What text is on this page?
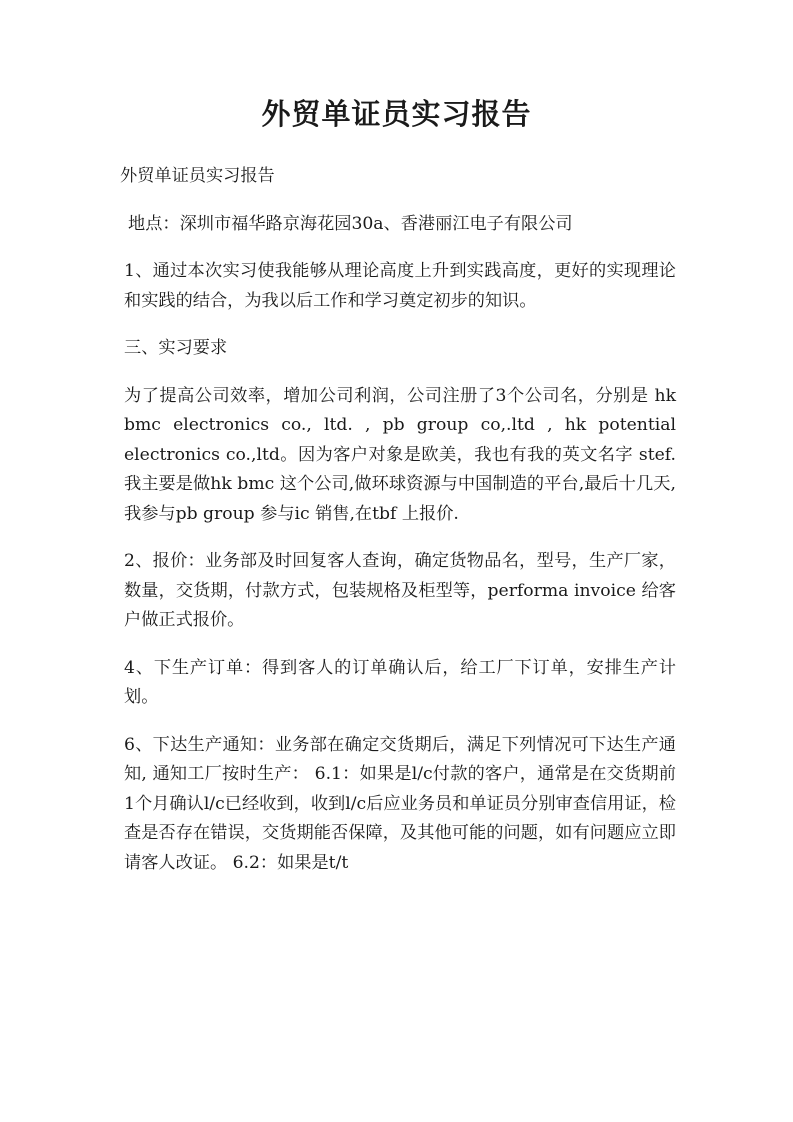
外贸单证员实习报告

外贸单证员实习报告

地点：深圳市福华路京海花园30a、香港丽江电子有限公司

1、通过本次实习使我能够从理论高度上升到实践高度，更好的实现理论和实践的结合，为我以后工作和学习奠定初步的知识。

三、实习要求

为了提高公司效率，增加公司利润，公司注册了3个公司名，分别是 hk bmc electronics co., ltd. , pb group co,.ltd , hk potential electronics co.,ltd。因为客户对象是欧美，我也有我的英文名字 stef.我主要是做hk bmc 这个公司,做环球资源与中国制造的平台,最后十几天,我参与pb group 参与ic 销售,在tbf 上报价.

2、报价：业务部及时回复客人查询，确定货物品名，型号，生产厂家，数量，交货期，付款方式，包装规格及柜型等，performa invoice 给客户做正式报价。

4、下生产订单：得到客人的订单确认后，给工厂下订单，安排生产计划。

6、下达生产通知：业务部在确定交货期后，满足下列情况可下达生产通知, 通知工厂按时生产： 6.1：如果是l/c付款的客户，通常是在交货期前1个月确认l/c已经收到，收到l/c后应业务员和单证员分别审查信用证，检查是否存在错误，交货期能否保障，及其他可能的问题，如有问题应立即请客人改证。 6.2：如果是t/t
